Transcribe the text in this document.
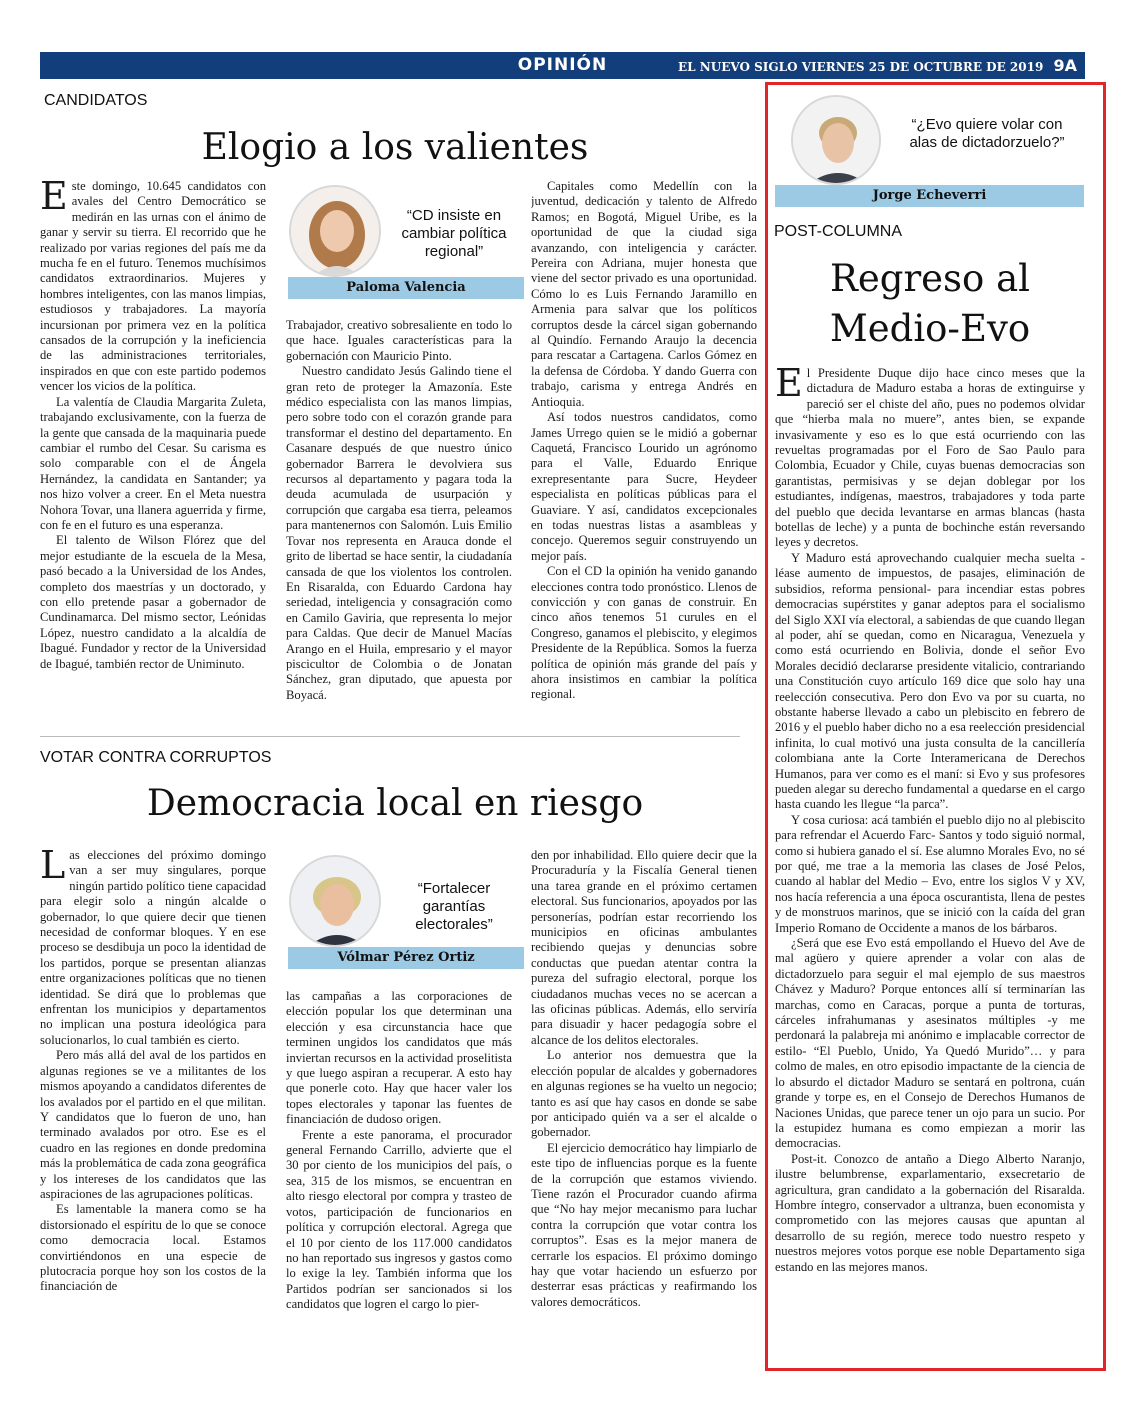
OPINIÓN	EL NUEVO SIGLO VIERNES 25 DE OCTUBRE DE 2019 9A
CANDIDATOS
Elogio a los valientes

Este domingo, 10.645 candidatos con avales del Centro Democrático se medirán en las urnas con el ánimo de ganar y servir su tierra. El recorrido que he realizado por varias regiones del país me da mucha fe en el futuro. Tenemos muchísimos candidatos extraordinarios. Mujeres y hombres inteligentes, con las manos limpias, estudiosos y trabajadores. La mayoría incursionan por primera vez en la política cansados de la corrupción y la ineficiencia de las administraciones territoriales, inspirados en que con este partido podemos vencer los vicios de la política.

La valentía de Claudia Margarita Zuleta, trabajando exclusivamente, con la fuerza de la gente que cansada de la maquinaria puede cambiar el rumbo del Cesar. Su carisma es solo comparable con el de Ángela Hernández, la candidata en Santander; ya nos hizo volver a creer. En el Meta nuestra Nohora Tovar, una llanera aguerrida y firme, con fe en el futuro es una esperanza.

El talento de Wilson Flórez que del mejor estudiante de la escuela de la Mesa, pasó becado a la Universidad de los Andes, completo dos maestrías y un doctorado, y con ello pretende pasar a gobernador de Cundinamarca. Del mismo sector, Leónidas López, nuestro candidato a la alcaldía de Ibagué. Fundador y rector de la Universidad de Ibagué, también rector de Uniminuto.

“CD insiste en cambiar política regional”
Paloma Valencia

Trabajador, creativo sobresaliente en todo lo que hace. Iguales características para la gobernación con Mauricio Pinto.

Nuestro candidato Jesús Galindo tiene el gran reto de proteger la Amazonía. Este médico especialista con las manos limpias, pero sobre todo con el corazón grande para transformar el destino del departamento. En Casanare después de que nuestro único gobernador Barrera le devolviera sus recursos al departamento y pagara toda la deuda acumulada de usurpación y corrupción que cargaba esa tierra, peleamos para mantenernos con Salomón. Luis Emilio Tovar nos representa en Arauca donde el grito de libertad se hace sentir, la ciudadanía cansada de que los violentos los controlen. En Risaralda, con Eduardo Cardona hay seriedad, inteligencia y consagración como en Camilo Gaviria, que representa lo mejor para Caldas. Que decir de Manuel Macías Arango en el Huila, empresario y el mayor piscicultor de Colombia o de Jonatan Sánchez, gran diputado, que apuesta por Boyacá.

Capitales como Medellín con la juventud, dedicación y talento de Alfredo Ramos; en Bogotá, Miguel Uribe, es la oportunidad de que la ciudad siga avanzando, con inteligencia y carácter. Pereira con Adriana, mujer honesta que viene del sector privado es una oportunidad. Cómo lo es Luis Fernando Jaramillo en Armenia para salvar que los políticos corruptos desde la cárcel sigan gobernando al Quindío. Fernando Araujo la decencia para rescatar a Cartagena. Carlos Gómez en la defensa de Córdoba. Y dando Guerra con trabajo, carisma y entrega Andrés en Antioquia.

Así todos nuestros candidatos, como James Urrego quien se le midió a gobernar Caquetá, Francisco Lourido un agrónomo para el Valle, Eduardo Enrique exrepresentante para Sucre, Heydeer especialista en políticas públicas para el Guaviare. Y así, candidatos excepcionales en todas nuestras listas a asambleas y concejo. Queremos seguir construyendo un mejor país.

Con el CD la opinión ha venido ganando elecciones contra todo pronóstico. Llenos de convicción y con ganas de construir. En cinco años tenemos 51 curules en el Congreso, ganamos el plebiscito, y elegimos Presidente de la República. Somos la fuerza política de opinión más grande del país y ahora insistimos en cambiar la política regional.

VOTAR CONTRA CORRUPTOS
Democracia local en riesgo

Las elecciones del próximo domingo van a ser muy singulares, porque ningún partido político tiene capacidad para elegir solo a ningún alcalde o gobernador, lo que quiere decir que tienen necesidad de conformar bloques. Y en ese proceso se desdibuja un poco la identidad de los partidos, porque se presentan alianzas entre organizaciones políticas que no tienen identidad. Se dirá que lo problemas que enfrentan los municipios y departamentos no implican una postura ideológica para solucionarlos, lo cual también es cierto.

Pero más allá del aval de los partidos en algunas regiones se ve a militantes de los mismos apoyando a candidatos diferentes de los avalados por el partido en el que militan. Y candidatos que lo fueron de uno, han terminado avalados por otro. Ese es el cuadro en las regiones en donde predomina más la problemática de cada zona geográfica y los intereses de los candidatos que las aspiraciones de las agrupaciones políticas.

Es lamentable la manera como se ha distorsionado el espíritu de lo que se conoce como democracia local. Estamos convirtiéndonos en una especie de plutocracia porque hoy son los costos de la financiación de

“Fortalecer garantías electorales”
Vólmar Pérez Ortiz

las campañas a las corporaciones de elección popular los que determinan una elección y esa circunstancia hace que terminen ungidos los candidatos que más inviertan recursos en la actividad proselitista y que luego aspiran a recuperar. A esto hay que ponerle coto. Hay que hacer valer los topes electorales y taponar las fuentes de financiación de dudoso origen.

Frente a este panorama, el procurador general Fernando Carrillo, advierte que el 30 por ciento de los municipios del país, o sea, 315 de los mismos, se encuentran en alto riesgo electoral por compra y trasteo de votos, participación de funcionarios en política y corrupción electoral. Agrega que el 10 por ciento de los 117.000 candidatos no han reportado sus ingresos y gastos como lo exige la ley. También informa que los Partidos podrían ser sancionados si los candidatos que logren el cargo lo pier-

den por inhabilidad. Ello quiere decir que la Procuraduría y la Fiscalía General tienen una tarea grande en el próximo certamen electoral. Sus funcionarios, apoyados por las personerías, podrían estar recorriendo los municipios en oficinas ambulantes recibiendo quejas y denuncias sobre conductas que puedan atentar contra la pureza del sufragio electoral, porque los ciudadanos muchas veces no se acercan a las oficinas públicas. Además, ello serviría para disuadir y hacer pedagogía sobre el alcance de los delitos electorales.

Lo anterior nos demuestra que la elección popular de alcaldes y gobernadores en algunas regiones se ha vuelto un negocio; tanto es así que hay casos en donde se sabe por anticipado quién va a ser el alcalde o gobernador.

El ejercicio democrático hay limpiarlo de este tipo de influencias porque es la fuente de la corrupción que estamos viviendo. Tiene razón el Procurador cuando afirma que “No hay mejor mecanismo para luchar contra la corrupción que votar contra los corruptos”. Esas es la mejor manera de cerrarle los espacios. El próximo domingo hay que votar haciendo un esfuerzo por desterrar esas prácticas y reafirmando los valores democráticos.

“¿Evo quiere volar con alas de dictadorzuelo?”
Jorge Echeverri
POST-COLUMNA
Regreso al Medio-Evo

El Presidente Duque dijo hace cinco meses que la dictadura de Maduro estaba a horas de extinguirse y pareció ser el chiste del año, pues no podemos olvidar que “hierba mala no muere”, antes bien, se expande invasivamente y eso es lo que está ocurriendo con las revueltas programadas por el Foro de Sao Paulo para Colombia, Ecuador y Chile, cuyas buenas democracias son garantistas, permisivas y se dejan doblegar por los estudiantes, indígenas, maestros, trabajadores y toda parte del pueblo que decida levantarse en armas blancas (hasta botellas de leche) y a punta de bochinche están reversando leyes y decretos.

Y Maduro está aprovechando cualquier mecha suelta -léase aumento de impuestos, de pasajes, eliminación de subsidios, reforma pensional- para incendiar estas pobres democracias supérstites y ganar adeptos para el socialismo del Siglo XXI vía electoral, a sabiendas de que cuando llegan al poder, ahí se quedan, como en Nicaragua, Venezuela y como está ocurriendo en Bolivia, donde el señor Evo Morales decidió declararse presidente vitalicio, contrariando una Constitución cuyo artículo 169 dice que solo hay una reelección consecutiva. Pero don Evo va por su cuarta, no obstante haberse llevado a cabo un plebiscito en febrero de 2016 y el pueblo haber dicho no a esa reelección presidencial infinita, lo cual motivó una justa consulta de la cancillería colombiana ante la Corte Interamericana de Derechos Humanos, para ver como es el maní: si Evo y sus profesores pueden alegar su derecho fundamental a quedarse en el cargo hasta cuando les llegue “la parca”.

Y cosa curiosa: acá también el pueblo dijo no al plebiscito para refrendar el Acuerdo Farc- Santos y todo siguió normal, como si hubiera ganado el sí. Ese alumno Morales Evo, no sé por qué, me trae a la memoria las clases de José Pelos, cuando al hablar del Medio – Evo, entre los siglos V y XV, nos hacía referencia a una época oscurantista, llena de pestes y de monstruos marinos, que se inició con la caída del gran Imperio Romano de Occidente a manos de los bárbaros.

¿Será que ese Evo está empollando el Huevo del Ave de mal agüero y quiere aprender a volar con alas de dictadorzuelo para seguir el mal ejemplo de sus maestros Chávez y Maduro? Porque entonces allí sí terminarían las marchas, como en Caracas, porque a punta de torturas, cárceles infrahumanas y asesinatos múltiples -y me perdonará la palabreja mi anónimo e implacable corrector de estilo- “El Pueblo, Unido, Ya Quedó Murido”… y para colmo de males, en otro episodio impactante de la ciencia de lo absurdo el dictador Maduro se sentará en poltrona, cuán grande y torpe es, en el Consejo de Derechos Humanos de Naciones Unidas, que parece tener un ojo para un sucio. Por la estupidez humana es como empiezan a morir las democracias.

Post-it. Conozco de antaño a Diego Alberto Naranjo, ilustre belumbrense, exparlamentario, exsecretario de agricultura, gran candidato a la gobernación del Risaralda. Hombre íntegro, conservador a ultranza, buen economista y comprometido con las mejores causas que apuntan al desarrollo de su región, merece todo nuestro respeto y nuestros mejores votos porque ese noble Departamento siga estando en las mejores manos.
